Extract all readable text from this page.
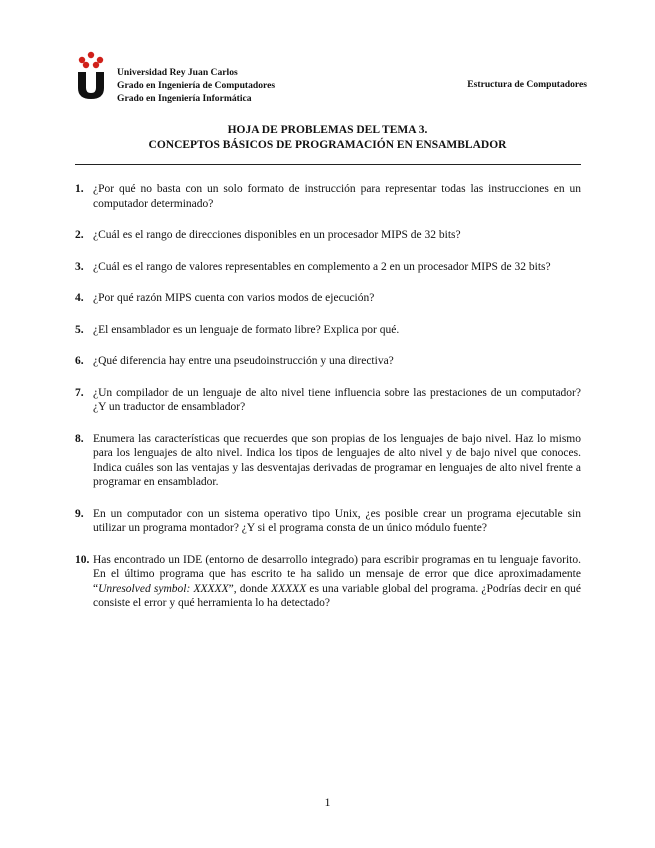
Universidad Rey Juan Carlos
Grado en Ingeniería de Computadores
Grado en Ingeniería Informática
Estructura de Computadores
HOJA DE PROBLEMAS DEL TEMA 3.
CONCEPTOS BÁSICOS DE PROGRAMACIÓN EN ENSAMBLADOR
1. ¿Por qué no basta con un solo formato de instrucción para representar todas las instrucciones en un computador determinado?
2. ¿Cuál es el rango de direcciones disponibles en un procesador MIPS de 32 bits?
3. ¿Cuál es el rango de valores representables en complemento a 2 en un procesador MIPS de 32 bits?
4. ¿Por qué razón MIPS cuenta con varios modos de ejecución?
5. ¿El ensamblador es un lenguaje de formato libre? Explica por qué.
6. ¿Qué diferencia hay entre una pseudoinstrucción y una directiva?
7. ¿Un compilador de un lenguaje de alto nivel tiene influencia sobre las prestaciones de un computador? ¿Y un traductor de ensamblador?
8. Enumera las características que recuerdes que son propias de los lenguajes de bajo nivel. Haz lo mismo para los lenguajes de alto nivel. Indica los tipos de lenguajes de alto nivel y de bajo nivel que conoces. Indica cuáles son las ventajas y las desventajas derivadas de programar en lenguajes de alto nivel frente a programar en ensamblador.
9. En un computador con un sistema operativo tipo Unix, ¿es posible crear un programa ejecutable sin utilizar un programa montador? ¿Y si el programa consta de un único módulo fuente?
10. Has encontrado un IDE (entorno de desarrollo integrado) para escribir programas en tu lenguaje favorito. En el último programa que has escrito te ha salido un mensaje de error que dice aproximadamente “Unresolved symbol: XXXXX”, donde XXXXX es una variable global del programa. ¿Podrías decir en qué consiste el error y qué herramienta lo ha detectado?
1
